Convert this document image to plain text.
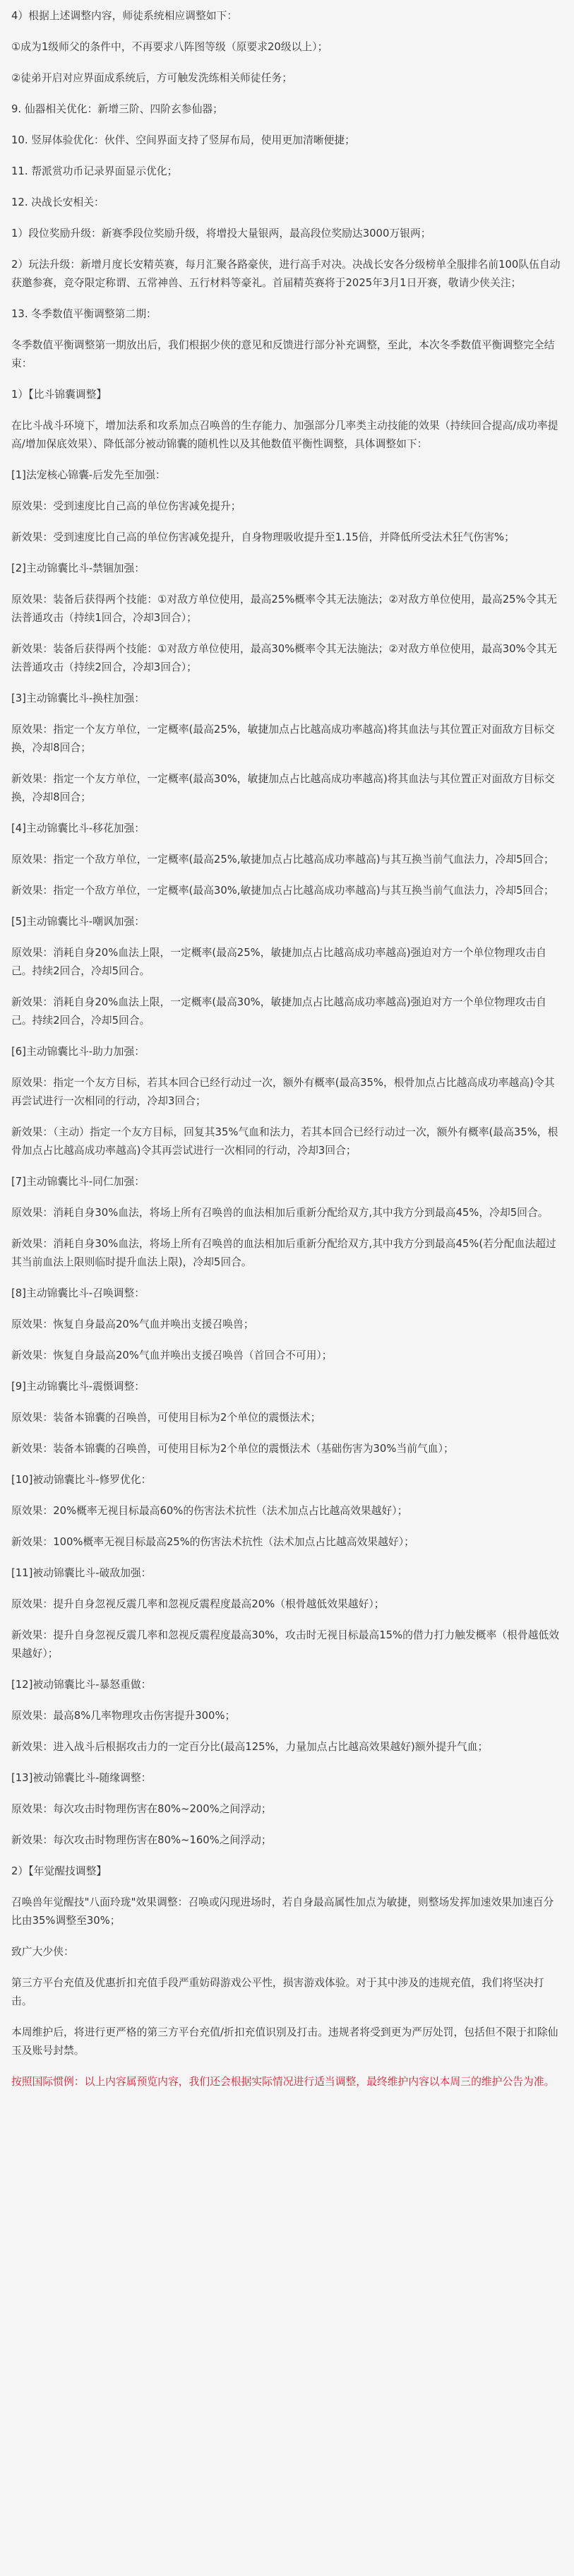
4）根据上述调整内容，师徒系统相应调整如下：

①成为1级师父的条件中，不再要求八阵图等级（原要求20级以上）；

②徒弟开启对应界面成系统后，方可触发洗练相关师徒任务；

9. 仙器相关优化：新增三阶、四阶玄参仙器；

10. 竖屏体验优化：伙伴、空间界面支持了竖屏布局，使用更加清晰便捷；

11. 帮派赏功币记录界面显示优化；

12. 决战长安相关：

1）段位奖励升级：新赛季段位奖励升级，将增投大量银两，最高段位奖励达3000万银两；

2）玩法升级：新增月度长安精英赛，每月汇聚各路豪侠，进行高手对决。决战长安各分级榜单全服排名前100队伍自动获邀参赛，竞夺限定称谓、五常神兽、五行材料等豪礼。首届精英赛将于2025年3月1日开赛，敬请少侠关注；

13. 冬季数值平衡调整第二期：

冬季数值平衡调整第一期放出后，我们根据少侠的意见和反馈进行部分补充调整，至此，本次冬季数值平衡调整完全结束：

1）【比斗锦囊调整】

在比斗战斗环境下，增加法系和攻系加点召唤兽的生存能力、加强部分几率类主动技能的效果（持续回合提高/成功率提高/增加保底效果）、降低部分被动锦囊的随机性以及其他数值平衡性调整，具体调整如下：

[1]法宠核心锦囊-后发先至加强：

原效果：受到速度比自己高的单位伤害减免提升；

新效果：受到速度比自己高的单位伤害减免提升，自身物理吸收提升至1.15倍，并降低所受法术狂气伤害%；

[2]主动锦囊比斗-禁锢加强：

原效果：装备后获得两个技能：①对敌方单位使用，最高25%概率令其无法施法；②对敌方单位使用，最高25%令其无法普通攻击（持续1回合，冷却3回合）；

新效果：装备后获得两个技能：①对敌方单位使用，最高30%概率令其无法施法；②对敌方单位使用，最高30%令其无法普通攻击（持续2回合，冷却3回合）；

[3]主动锦囊比斗-换柱加强：

原效果：指定一个友方单位，一定概率(最高25%，敏捷加点占比越高成功率越高)将其血法与其位置正对面敌方目标交换，冷却8回合；

新效果：指定一个友方单位，一定概率(最高30%，敏捷加点占比越高成功率越高)将其血法与其位置正对面敌方目标交换，冷却8回合；

[4]主动锦囊比斗-移花加强：

原效果：指定一个敌方单位，一定概率(最高25%,敏捷加点占比越高成功率越高)与其互换当前气血法力，冷却5回合；

新效果：指定一个敌方单位，一定概率(最高30%,敏捷加点占比越高成功率越高)与其互换当前气血法力，冷却5回合；

[5]主动锦囊比斗-嘲讽加强：

原效果：消耗自身20%血法上限，一定概率(最高25%，敏捷加点占比越高成功率越高)强迫对方一个单位物理攻击自己。持续2回合，冷却5回合。

新效果：消耗自身20%血法上限，一定概率(最高30%，敏捷加点占比越高成功率越高)强迫对方一个单位物理攻击自己。持续2回合，冷却5回合。

[6]主动锦囊比斗-助力加强：

原效果：指定一个友方目标，若其本回合已经行动过一次，额外有概率(最高35%，根骨加点占比越高成功率越高)令其再尝试进行一次相同的行动，冷却3回合；

新效果：（主动）指定一个友方目标，回复其35%气血和法力，若其本回合已经行动过一次，额外有概率(最高35%，根骨加点占比越高成功率越高)令其再尝试进行一次相同的行动，冷却3回合；

[7]主动锦囊比斗-同仁加强：

原效果：消耗自身30%血法，将场上所有召唤兽的血法相加后重新分配给双方,其中我方分到最高45%，冷却5回合。

新效果：消耗自身30%血法，将场上所有召唤兽的血法相加后重新分配给双方,其中我方分到最高45%(若分配血法超过其当前血法上限则临时提升血法上限)，冷却5回合。

[8]主动锦囊比斗-召唤调整：

原效果：恢复自身最高20%气血并唤出支援召唤兽；

新效果：恢复自身最高20%气血并唤出支援召唤兽（首回合不可用）；

[9]主动锦囊比斗-震慑调整：

原效果：装备本锦囊的召唤兽，可使用目标为2个单位的震慑法术；

新效果：装备本锦囊的召唤兽，可使用目标为2个单位的震慑法术（基础伤害为30%当前气血）；

[10]被动锦囊比斗-修罗优化：

原效果：20%概率无视目标最高60%的伤害法术抗性（法术加点占比越高效果越好）；

新效果：100%概率无视目标最高25%的伤害法术抗性（法术加点占比越高效果越好）；

[11]被动锦囊比斗-破敌加强：

原效果：提升自身忽视反震几率和忽视反震程度最高20%（根骨越低效果越好）；

新效果：提升自身忽视反震几率和忽视反震程度最高30%，攻击时无视目标最高15%的借力打力触发概率（根骨越低效果越好）；

[12]被动锦囊比斗-暴怒重做：

原效果：最高8%几率物理攻击伤害提升300%；

新效果：进入战斗后根据攻击力的一定百分比(最高125%，力量加点占比越高效果越好)额外提升气血；

[13]被动锦囊比斗-随缘调整：

原效果：每次攻击时物理伤害在80%~200%之间浮动；

新效果：每次攻击时物理伤害在80%~160%之间浮动；

2）【年觉醒技调整】

召唤兽年觉醒技"八面玲珑"效果调整：召唤或闪现进场时，若自身最高属性加点为敏捷，则整场发挥加速效果加速百分比由35%调整至30%；

致广大少侠：

第三方平台充值及优惠折扣充值手段严重妨碍游戏公平性，损害游戏体验。对于其中涉及的违规充值，我们将坚决打击。

本周维护后，将进行更严格的第三方平台充值/折扣充值识别及打击。违规者将受到更为严厉处罚，包括但不限于扣除仙玉及账号封禁。

按照国际惯例：以上内容属预览内容，我们还会根据实际情况进行适当调整，最终维护内容以本周三的维护公告为准。
